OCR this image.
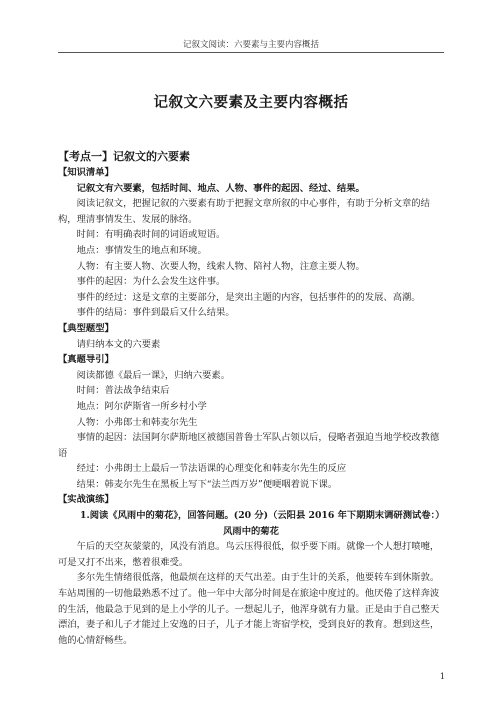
记叙文阅读：六要素与主要内容概括
记叙文六要素及主要内容概括

【考点一】记叙文的六要素

【知识清单】

记叙文有六要素，包括时间、地点、人物、事件的起因、经过、结果。

阅读记叙文，把握记叙的六要素有助于把握文章所叙的中心事件，有助于分析文章的结构，理清事情发生、发展的脉络。

时间：有明确表时间的词语或短语。

地点：事情发生的地点和环境。

人物：有主要人物、次要人物，线索人物、陪衬人物，注意主要人物。

事件的起因：为什么会发生这件事。

事件的经过：这是文章的主要部分，是突出主题的内容，包括事件的的发展、高潮。

事件的结局：事件到最后又什么结果。

【典型题型】

请归纳本文的六要素

【真题导引】

阅读都德《最后一课》，归纳六要素。

时间：普法战争结束后

地点：阿尔萨斯省一所乡村小学

人物：小弗郎士和韩麦尔先生

事情的起因：法国阿尔萨斯地区被德国普鲁士军队占领以后，侵略者强迫当地学校改教德语

经过：小弗朗士上最后一节法语课的心理变化和韩麦尔先生的反应

结果：韩麦尔先生在黑板上写下“法兰西万岁”便哽咽着说下课。

【实战演练】

1.阅读《风雨中的菊花》，回答问题。(20 分)（云阳县 2016 年下期期末调研测试卷：）

风雨中的菊花

午后的天空灰蒙蒙的，风没有消息。鸟云压得很低，似乎要下雨。就像一个人想打喷嚏，可是又打不出来，憋着很难受。

多尔先生情绪很低落，他最烦在这样的天气出差。由于生计的关系，他要转车到休斯敦。车站周围的一切他最熟悉不过了。他一年中大部分时间是在旅途中度过的。他厌倦了这样奔波的生活，他最急于见到的是上小学的儿子。一想起儿子，他浑身就有力量。正是由于自己整天漂泊，妻子和儿子才能过上安逸的日子，儿子才能上寄宿学校，受到良好的教育。想到这些，他的心情舒畅些。

1
